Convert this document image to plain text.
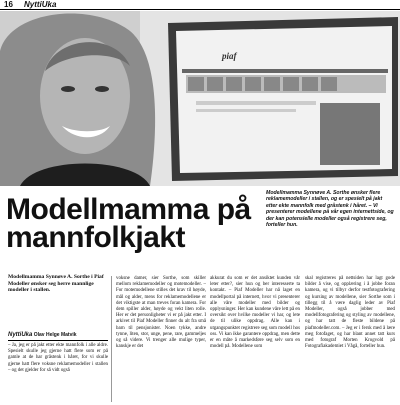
16 NyttiUka
piaf
Modellmamma på mannfolkjakt
Modellmamma Synnøve A. Sorthe ønsker flere reklamemodeller i stallen, og er spesielt på jakt etter ekte mannfolk med gråstenk i håret. – Vi presenterer modellene på vår egen internettside, og der kan potensielle modeller også registrere seg, forteller hun.
Modellmamma Synnøve A. Sorthe i Piaf Modeller ønsker seg herre mannlige modeller i stallen.
NyttiUka Olav Helge Matvik
– Ja, jeg er på jakt etter ekte mannfolk i alle aldre. Spesielt skulle jeg gjerne hatt flere som er på gamle at de har gråstenk i håret, for vi skulle gjerne hatt flere voksne reklamemodeller i stallen – og det gjelder for så vidt også
voksne damer, sier Sorthe, som skiller mellom reklamemodeller og motemodeller. – For motemodellene stilles det krav til høyde, mål og alder, mens for reklamemodellene er det viktigste at man treves foran kamera. For dem spiller alder, høyde og vekt liten rolle. Her er det personligheter vi er på jakt etter. I arkivet til Piaf Modeller finner du alt fra små barn til pensjonister. Noen tykke, andre tynne, liten, stor, unge, pene, rare, gammeljes og så videre. Vi trenger alle mulige typer, kanskje er det
akkurat du som er det ansiktet kunden vår leter etter?, sier hun og ber interesserte ta kontakt. – Piaf Modeller har nå laget en modellportal på internett, hvor vi presenterer alle våre modeller med bilder og opplysninger. Her kan kundene våre lett på en oversikt over hvilke modeller vi har, og lete de til ulike oppdrag. Alle kan i utgangspunktet registrere seg som modell hos oss. Vi kan ikke garantere oppdrag, men dette er en måte å markedsføre seg selv som en modell på. Modellene som
skal registreres på nettsiden har lagt gode bilder å vise, og opplæring i å jobbe foran kamera, og vi tilbyr derfor testfotografering og kursing av modellene, sier Sorthe som i tillegg til å være daglig leder av Piaf Modeller, også jobber med modellfotografering og styling av modellene, og har tatt de fleste bildene på piafmodeller.com. – Jeg er i fersk med å lære meg fotofaget, og har blant annet tatt kurs med fotograf Morten Krogvold på Fotografiakademiet i Vågå, forteller hun.
